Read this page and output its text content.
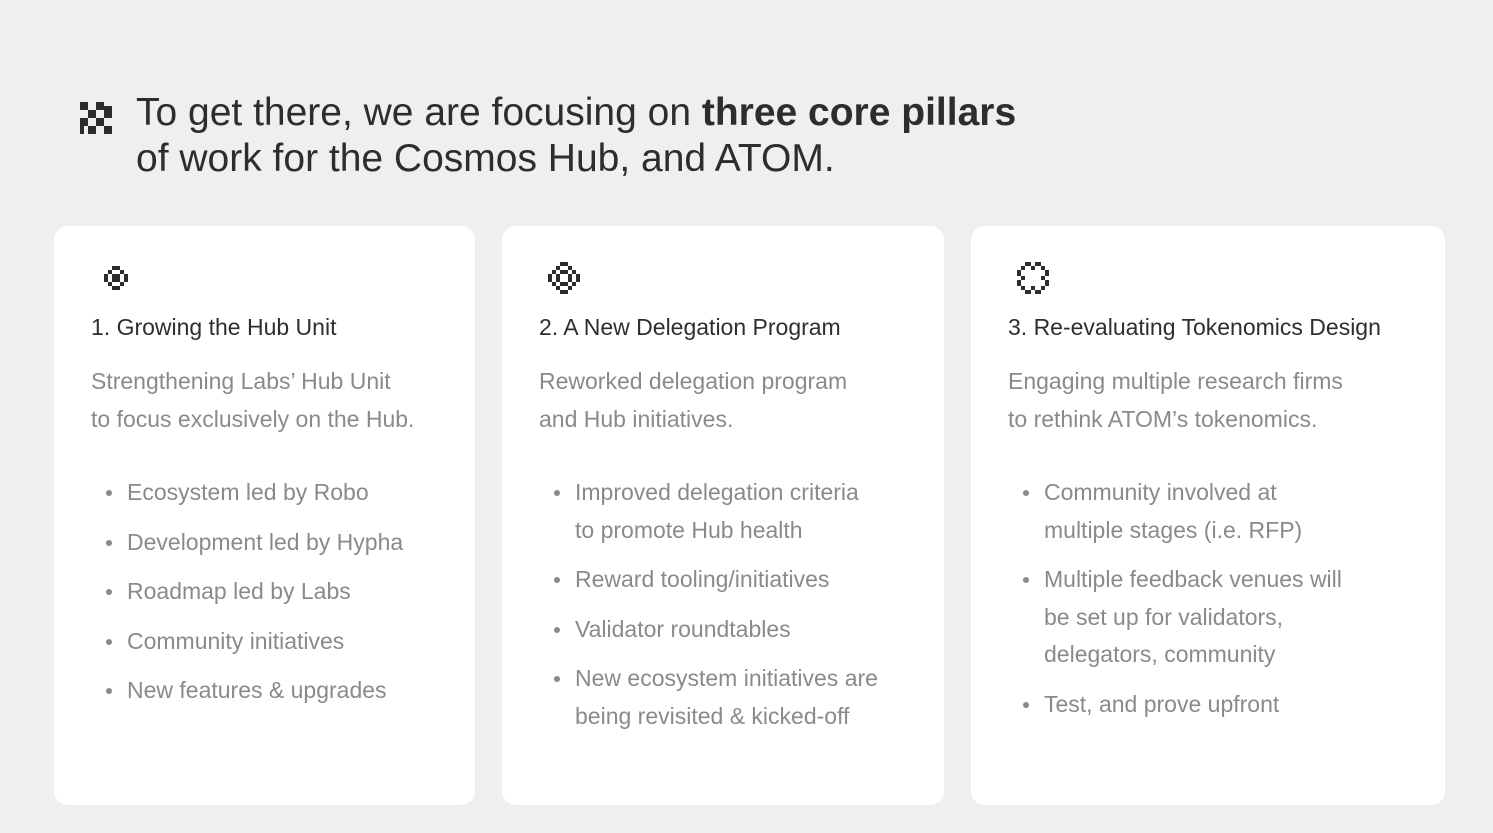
To get there, we are focusing on three core pillars
of work for the Cosmos Hub, and ATOM.
1. Growing the Hub Unit
Strengthening Labs’ Hub Unit
to focus exclusively on the Hub.
Ecosystem led by Robo
Development led by Hypha
Roadmap led by Labs
Community initiatives
New features & upgrades
2. A New Delegation Program
Reworked delegation program
and Hub initiatives.
Improved delegation criteria
to promote Hub health
Reward tooling/initiatives
Validator roundtables
New ecosystem initiatives are
being revisited & kicked-off
3. Re-evaluating Tokenomics Design
Engaging multiple research firms
to rethink ATOM’s tokenomics.
Community involved at
multiple stages (i.e. RFP)
Multiple feedback venues will
be set up for validators,
delegators, community
Test, and prove upfront
